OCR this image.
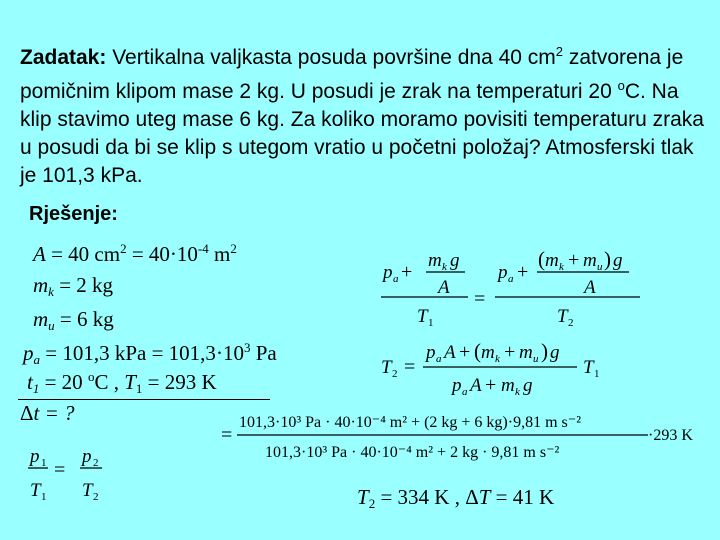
Zadatak: Vertikalna valjkasta posuda površine dna 40 $cm^2$ zatvorena je pomičnim klipom mase 2 kg. U posudi je zrak na temperaturi 20 $^o$C. Na klip stavimo uteg mase 6 kg. Za koliko moramo povisiti temperaturu zraka u posudi da bi se klip s utegom vratio u početni položaj? Atmosferski tlak je 101,3 kPa.

Rješenje:

A = 40 $cm^2 = 40\cdot 10^{-4}$ $m^2$
$m_k = 2$ kg
$m_u = 6$ kg
$p_a = 101,3$ kPa = $101,3\cdot 10^3$ Pa
$t_1 = 20$ $^o$C , $T_1 = 293$ K
Δt = ?
p 1
T 1
=
p 2
T 2
p a +
m k g
A
T 1
=
p a +
( m k + m u ) g
A
T 2
T 2 =
p a A + ( m k + m u ) g
p a A + m k g
T 1
=
101,3·10³ Pa · 40·10⁻⁴ m² + (2 kg + 6 kg)·9,81 m s⁻²
101,3·10³ Pa · 40·10⁻⁴ m² + 2 kg · 9,81 m s⁻²
·293 K
$T_2 = 334$ K , ΔT = 41 K
